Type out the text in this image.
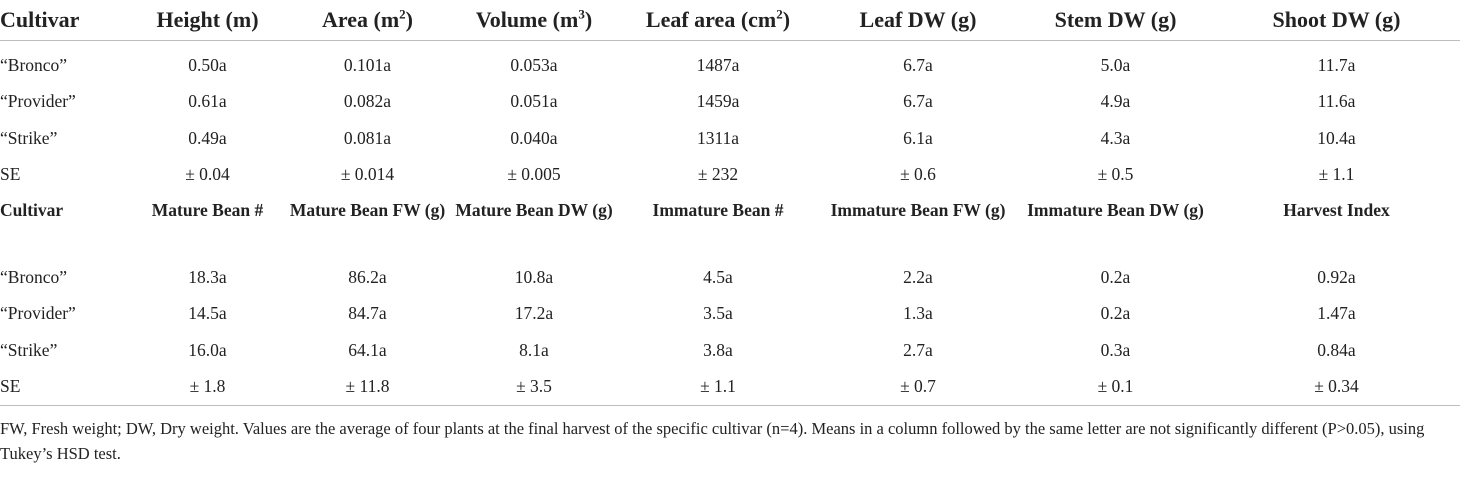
Cultivar	Height (m)	Area $(m^2)$	Volume $(m^3)$	Leaf area $(cm^2)$	Leaf DW (g)	Stem DW (g)	Shoot DW (g)

“Bronco”	0.50a	0.101a	0.053a	1487a	6.7a	5.0a	11.7a
“Provider”	0.61a	0.082a	0.051a	1459a	6.7a	4.9a	11.6a
“Strike”	0.49a	0.081a	0.040a	1311a	6.1a	4.3a	10.4a
SE	± 0.04	± 0.014	± 0.005	± 232	± 0.6	± 0.5	± 1.1
Cultivar	Mature Bean #	Mature Bean FW (g)	Mature Bean DW (g)	Immature Bean #	Immature Bean FW (g)	Immature Bean DW (g)	Harvest Index
“Bronco”	18.3a	86.2a	10.8a	4.5a	2.2a	0.2a	0.92a
“Provider”	14.5a	84.7a	17.2a	3.5a	1.3a	0.2a	1.47a
“Strike”	16.0a	64.1a	8.1a	3.8a	2.7a	0.3a	0.84a
SE	± 1.8	± 11.8	± 3.5	± 1.1	± 0.7	± 0.1	± 0.34
FW, Fresh weight; DW, Dry weight. Values are the average of four plants at the final harvest of the specific cultivar (n=4). Means in a column followed by the same letter are not significantly different (P>0.05), using Tukey’s HSD test.
